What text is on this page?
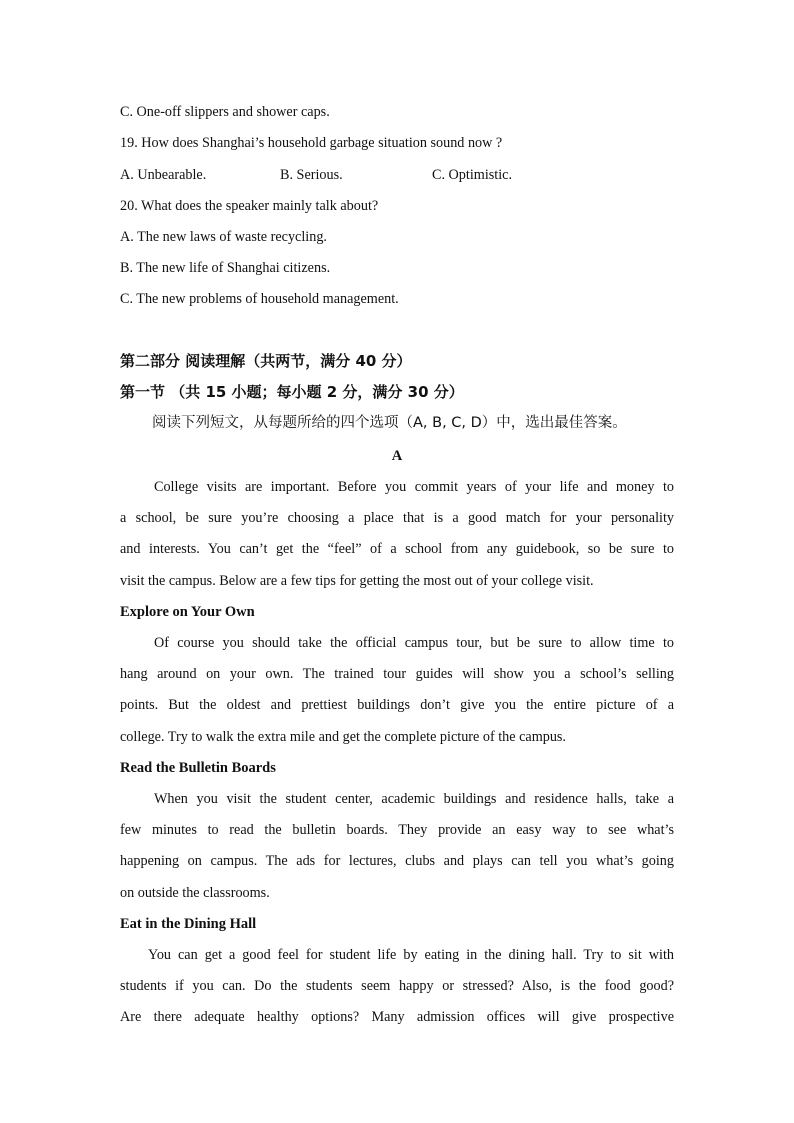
C. One-off slippers and shower caps.
19. How does Shanghai’s household garbage situation sound now ?
A. Unbearable.	B. Serious.	C. Optimistic.
20. What does the speaker mainly talk about?
A. The new laws of waste recycling.
B. The new life of Shanghai citizens.
C. The new problems of household management.
第二部分 阅读理解（共两节，满分 40 分）
第一节 （共 15 小题；每小题 2 分，满分 30 分）
阅读下列短文，从每题所给的四个选项（A, B, C, D）中，选出最佳答案。
A
College visits are important. Before you commit years of your life and money to
a school, be sure you’re choosing a place that is a good match for your personality
and interests. You can’t get the “feel” of a school from any guidebook, so be sure to
visit the campus. Below are a few tips for getting the most out of your college visit.
Explore on Your Own
Of course you should take the official campus tour, but be sure to allow time to
hang around on your own. The trained tour guides will show you a school’s selling
points. But the oldest and prettiest buildings don’t give you the entire picture of a
college. Try to walk the extra mile and get the complete picture of the campus.
Read the Bulletin Boards
When you visit the student center, academic buildings and residence halls, take a
few minutes to read the bulletin boards. They provide an easy way to see what’s
happening on campus. The ads for lectures, clubs and plays can tell you what’s going
on outside the classrooms.
Eat in the Dining Hall
You can get a good feel for student life by eating in the dining hall. Try to sit with
students if you can. Do the students seem happy or stressed? Also, is the food good?
Are there adequate healthy options? Many admission offices will give prospective
